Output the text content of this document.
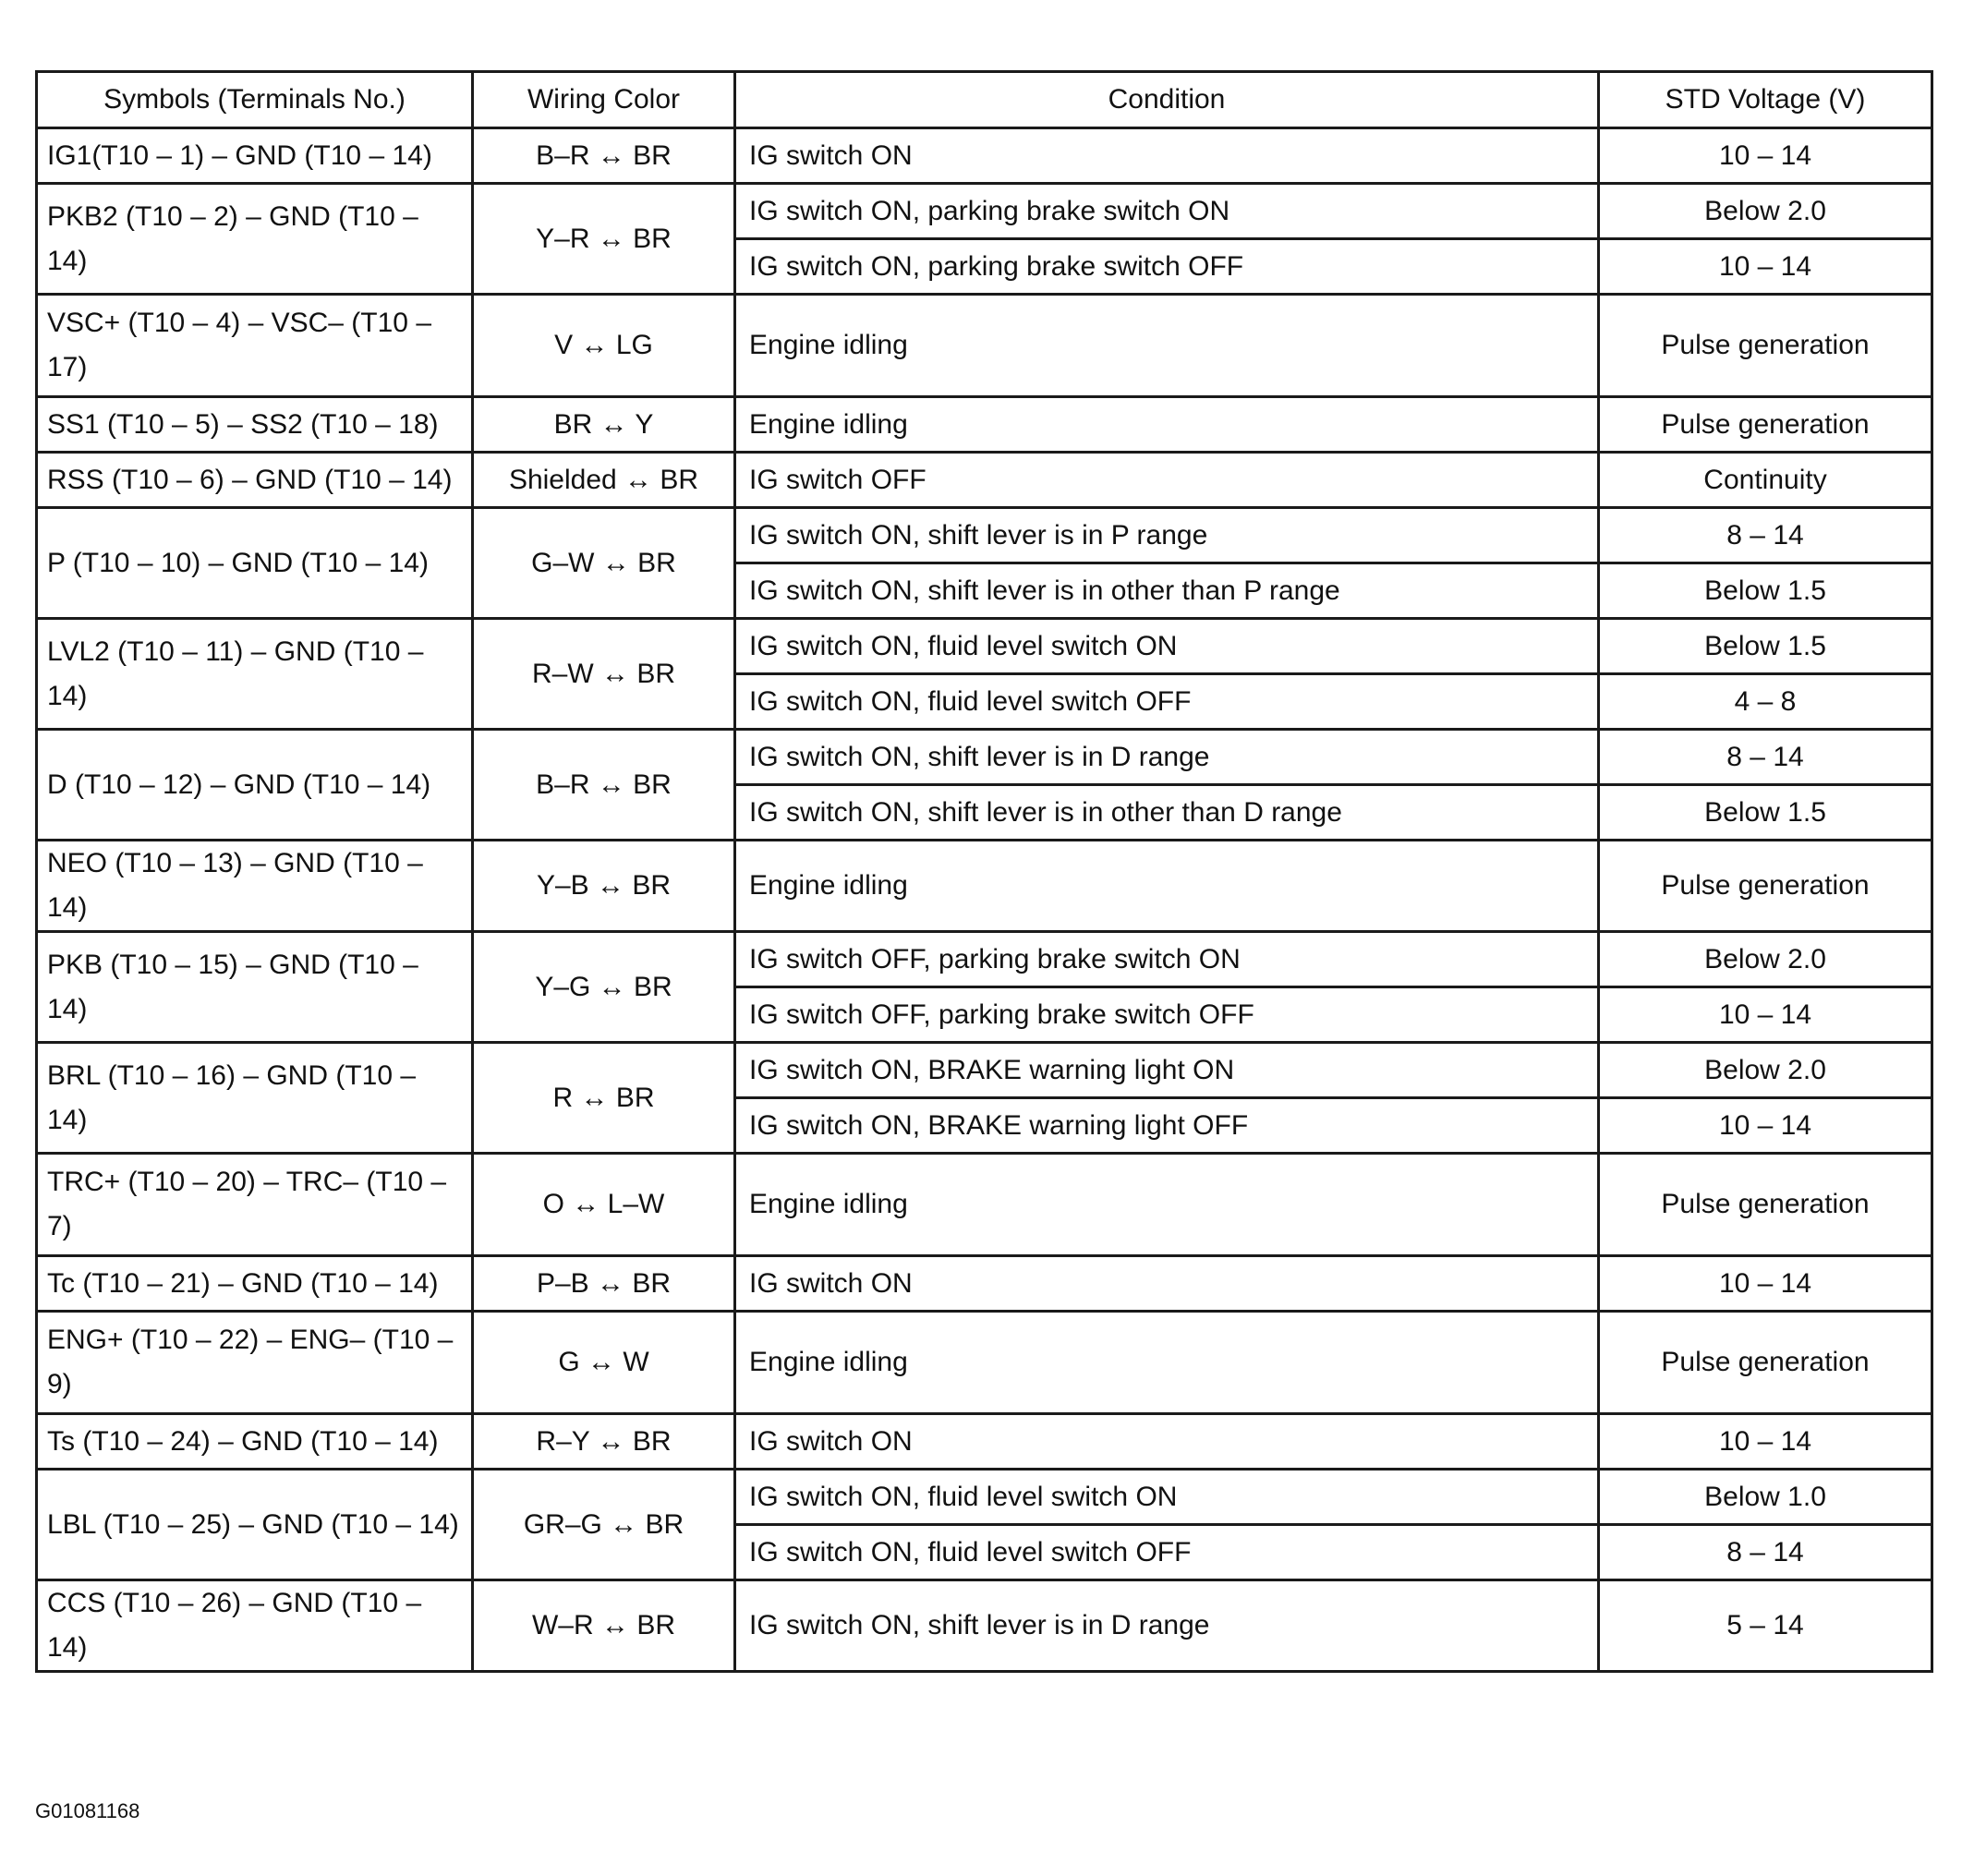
Symbols (Terminals No.)	Wiring Color	Condition	STD Voltage (V)
IG1(T10 – 1) – GND (T10 – 14)	B–R ↔ BR	IG switch ON	10 – 14
PKB2 (T10 – 2) – GND (T10 – 14)	Y–R ↔ BR	IG switch ON, parking brake switch ON	Below 2.0
		IG switch ON, parking brake switch OFF	10 – 14
VSC+ (T10 – 4) – VSC– (T10 – 17)	V ↔ LG	Engine idling	Pulse generation
SS1 (T10 – 5) – SS2 (T10 – 18)	BR ↔ Y	Engine idling	Pulse generation
RSS (T10 – 6) – GND (T10 – 14)	Shielded ↔ BR	IG switch OFF	Continuity
P (T10 – 10) – GND (T10 – 14)	G–W ↔ BR	IG switch ON, shift lever is in P range	8 – 14
		IG switch ON, shift lever is in other than P range	Below 1.5
LVL2 (T10 – 11) – GND (T10 – 14)	R–W ↔ BR	IG switch ON, fluid level switch ON	Below 1.5
		IG switch ON, fluid level switch OFF	4 – 8
D (T10 – 12) – GND (T10 – 14)	B–R ↔ BR	IG switch ON, shift lever is in D range	8 – 14
		IG switch ON, shift lever is in other than D range	Below 1.5
NEO (T10 – 13) – GND (T10 – 14)	Y–B ↔ BR	Engine idling	Pulse generation
PKB (T10 – 15) – GND (T10 – 14)	Y–G ↔ BR	IG switch OFF, parking brake switch ON	Below 2.0
		IG switch OFF, parking brake switch OFF	10 – 14
BRL (T10 – 16) – GND (T10 – 14)	R ↔ BR	IG switch ON, BRAKE warning light ON	Below 2.0
		IG switch ON, BRAKE warning light OFF	10 – 14
TRC+ (T10 – 20) – TRC– (T10 – 7)	O ↔ L–W	Engine idling	Pulse generation
Tc (T10 – 21) – GND (T10 – 14)	P–B ↔ BR	IG switch ON	10 – 14
ENG+ (T10 – 22) – ENG– (T10 – 9)	G ↔ W	Engine idling	Pulse generation
Ts (T10 – 24) – GND (T10 – 14)	R–Y ↔ BR	IG switch ON	10 – 14
LBL (T10 – 25) – GND (T10 – 14)	GR–G ↔ BR	IG switch ON, fluid level switch ON	Below 1.0
		IG switch ON, fluid level switch OFF	8 – 14
CCS (T10 – 26) – GND (T10 – 14)	W–R ↔ BR	IG switch ON, shift lever is in D range	5 – 14
G01081168
